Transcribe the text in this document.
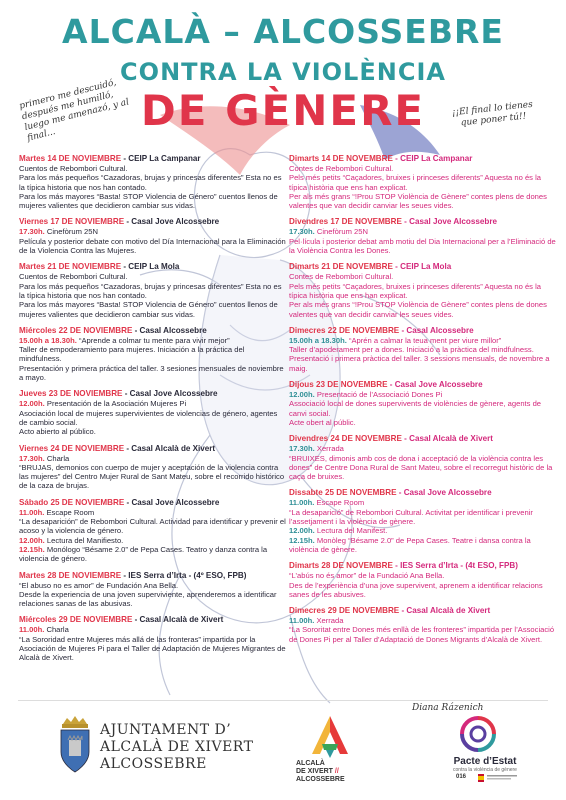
ALCALÀ – ALCOSSEBRE
CONTRA LA VIOLÈNCIA
DE GÈNERE
primero me descuidó, después me humilló, luego me amenazó, y al final...
¡¡El final lo tienes que poner tú!!
Diana Rázenich
Martes 14 DE NOVIEMBRE - CEIP La Campanar
Cuentos de Rebombori Cultural.
Para los más pequeños “Cazadoras, brujas y princesas diferentes” Esta no es la típica historia que nos han contado.
Para los más mayores “Basta! STOP Violencia de Género” cuentos llenos de mujeres valientes que decidieron cambiar sus vidas.
Viernes 17 DE NOVIEMBRE - Casal Jove Alcossebre
17.30h. Cinefòrum 25N
Película y posterior debate con motivo del Día Internacional para la Eliminación de la Violencia Contra las Mujeres.
Martes 21 DE NOVIEMBRE - CEIP La Mola
Cuentos de Rebombori Cultural.
Para los más pequeños “Cazadoras, brujas y princesas diferentes” Esta no es la típica historia que nos han contado.
Para los más mayores “Basta! STOP Violencia de Género” cuentos llenos de mujeres valientes que decidieron cambiar sus vidas.
Miércoles 22 DE NOVIEMBRE - Casal Alcossebre
15.00h a 18.30h. “Aprende a colmar tu mente para vivir mejor”
Taller de empoderamiento para mujeres. Iniciación a la práctica del mindfulness.
Presentación y primera práctica del taller. 3 sesiones mensuales de noviembre a mayo.
Jueves 23 DE NOVIEMBRE - Casal Jove Alcossebre
12.00h. Presentación de la Asociación Mujeres Pi
Asociación local de mujeres supervivientes de violencias de género, agentes de cambio social.
Acto abierto al público.
Viernes 24 DE NOVIEMBRE - Casal Alcalà de Xivert
17.30h. Charla
“BRUJAS, demonios con cuerpo de mujer y aceptación de la violencia contra las mujeres” del Centro Mujer Rural de Sant Mateu, sobre el recorrido histórico de la caza de brujas.
Sábado 25 DE NOVIEMBRE - Casal Jove Alcossebre
11.00h. Escape Room
“La desaparición” de Rebombori Cultural. Actividad para identificar y prevenir el acoso y la violencia de género.
12.00h. Lectura del Manifiesto.
12.15h. Monólogo “Bésame 2.0” de Pepa Cases. Teatro y danza contra la violencia de género.
Martes 28 DE NOVIEMBRE - IES Serra d’Irta - (4º ESO, FPB)
“El abuso no es amor” de Fundación Ana Bella.
Desde la experiencia de una joven superviviente, aprenderemos a identificar relaciones sanas de las abusivas.
Miércoles 29 DE NOVIEMBRE - Casal Alcalà de Xivert
11.00h. Charla
“La Sororidad entre Mujeres más allá de las fronteras” impartida por la Asociación de Mujeres Pi para el Taller de Adaptación de Mujeres Migrantes de Alcalà de Xivert.
Dimarts 14 DE NOVEMBRE - CEIP La Campanar
Contes de Rebombori Cultural.
Pels més petits “Caçadores, bruixes i princeses diferents” Aquesta no és la típica història que ens han explicat.
Per als més grans “!Prou STOP Violència de Gènere” contes plens de dones valentes que van decidir canviar les seues vides.
Divendres 17 DE NOVEMBRE - Casal Jove Alcossebre
17.30h. Cinefòrum 25N
Pel·lícula i posterior debat amb motiu del Dia Internacional per a l’Eliminació de la Violència Contra les Dones.
Dimarts 21 DE NOVEMBRE - CEIP La Mola
Contes de Rebombori Cultural.
Pels més petits “Caçadores, bruixes i princeses diferents” Aquesta no és la típica història que ens han explicat.
Per als més grans “!Prou STOP Violència de Gènere” contes plens de dones valentes que van decidir canviar les seues vides.
Dimecres 22 DE NOVEMBRE - Casal Alcossebre
15.00h a 18.30h. “Aprén a calmar la teua ment per viure millor”
Taller d’apoderament per a dones. Iniciació a la pràctica del mindfulness.
Presentació i primera pràctica del taller. 3 sessions mensuals, de novembre a maig.
Dijous 23 DE NOVEMBRE - Casal Jove Alcossebre
12.00h. Presentació de l’Associació Dones Pi
Associació local de dones supervivents de violències de gènere, agents de canvi social.
Acte obert al públic.
Divendres 24 DE NOVEMBRE - Casal Alcalà de Xivert
17.30h. Xerrada
“BRUIXES, dimonis amb cos de dona i acceptació de la violència contra les dones” de Centre Dona Rural de Sant Mateu, sobre el recorregut històric de la caça de bruixes.
Dissabte 25 DE NOVEMBRE - Casal Jove Alcossebre
11.00h. Escape Room
“La desaparició” de Rebombori Cultural. Activitat per identificar i prevenir l’assetjament i la violència de gènere.
12.00h. Lectura del Manifest.
12.15h. Monòleg “Bésame 2.0” de Pepa Cases. Teatre i dansa contra la violència de gènere.
Dimarts 28 DE NOVEMBRE - IES Serra d’Irta - (4t ESO, FPB)
“L’abús no és amor” de la Fundació Ana Bella.
Des de l’experiència d’una jove supervivent, aprenem a identificar relacions sanes de les abusives.
Dimecres 29 DE NOVEMBRE - Casal Alcalà de Xivert
11.00h. Xerrada
“La Sororitat entre Dones més enllà de les fronteres” impartida per l’Associació de Dones Pi per al Taller d’Adaptació de Dones Migrants d’Alcalà de Xivert.
AJUNTAMENT D’
ALCALÀ DE XIVERT
ALCOSSEBRE	ALCALÀ
DE XIVERT //
ALCOSSEBRE
Pacte d’Estat
contra la violència de gènere
016
